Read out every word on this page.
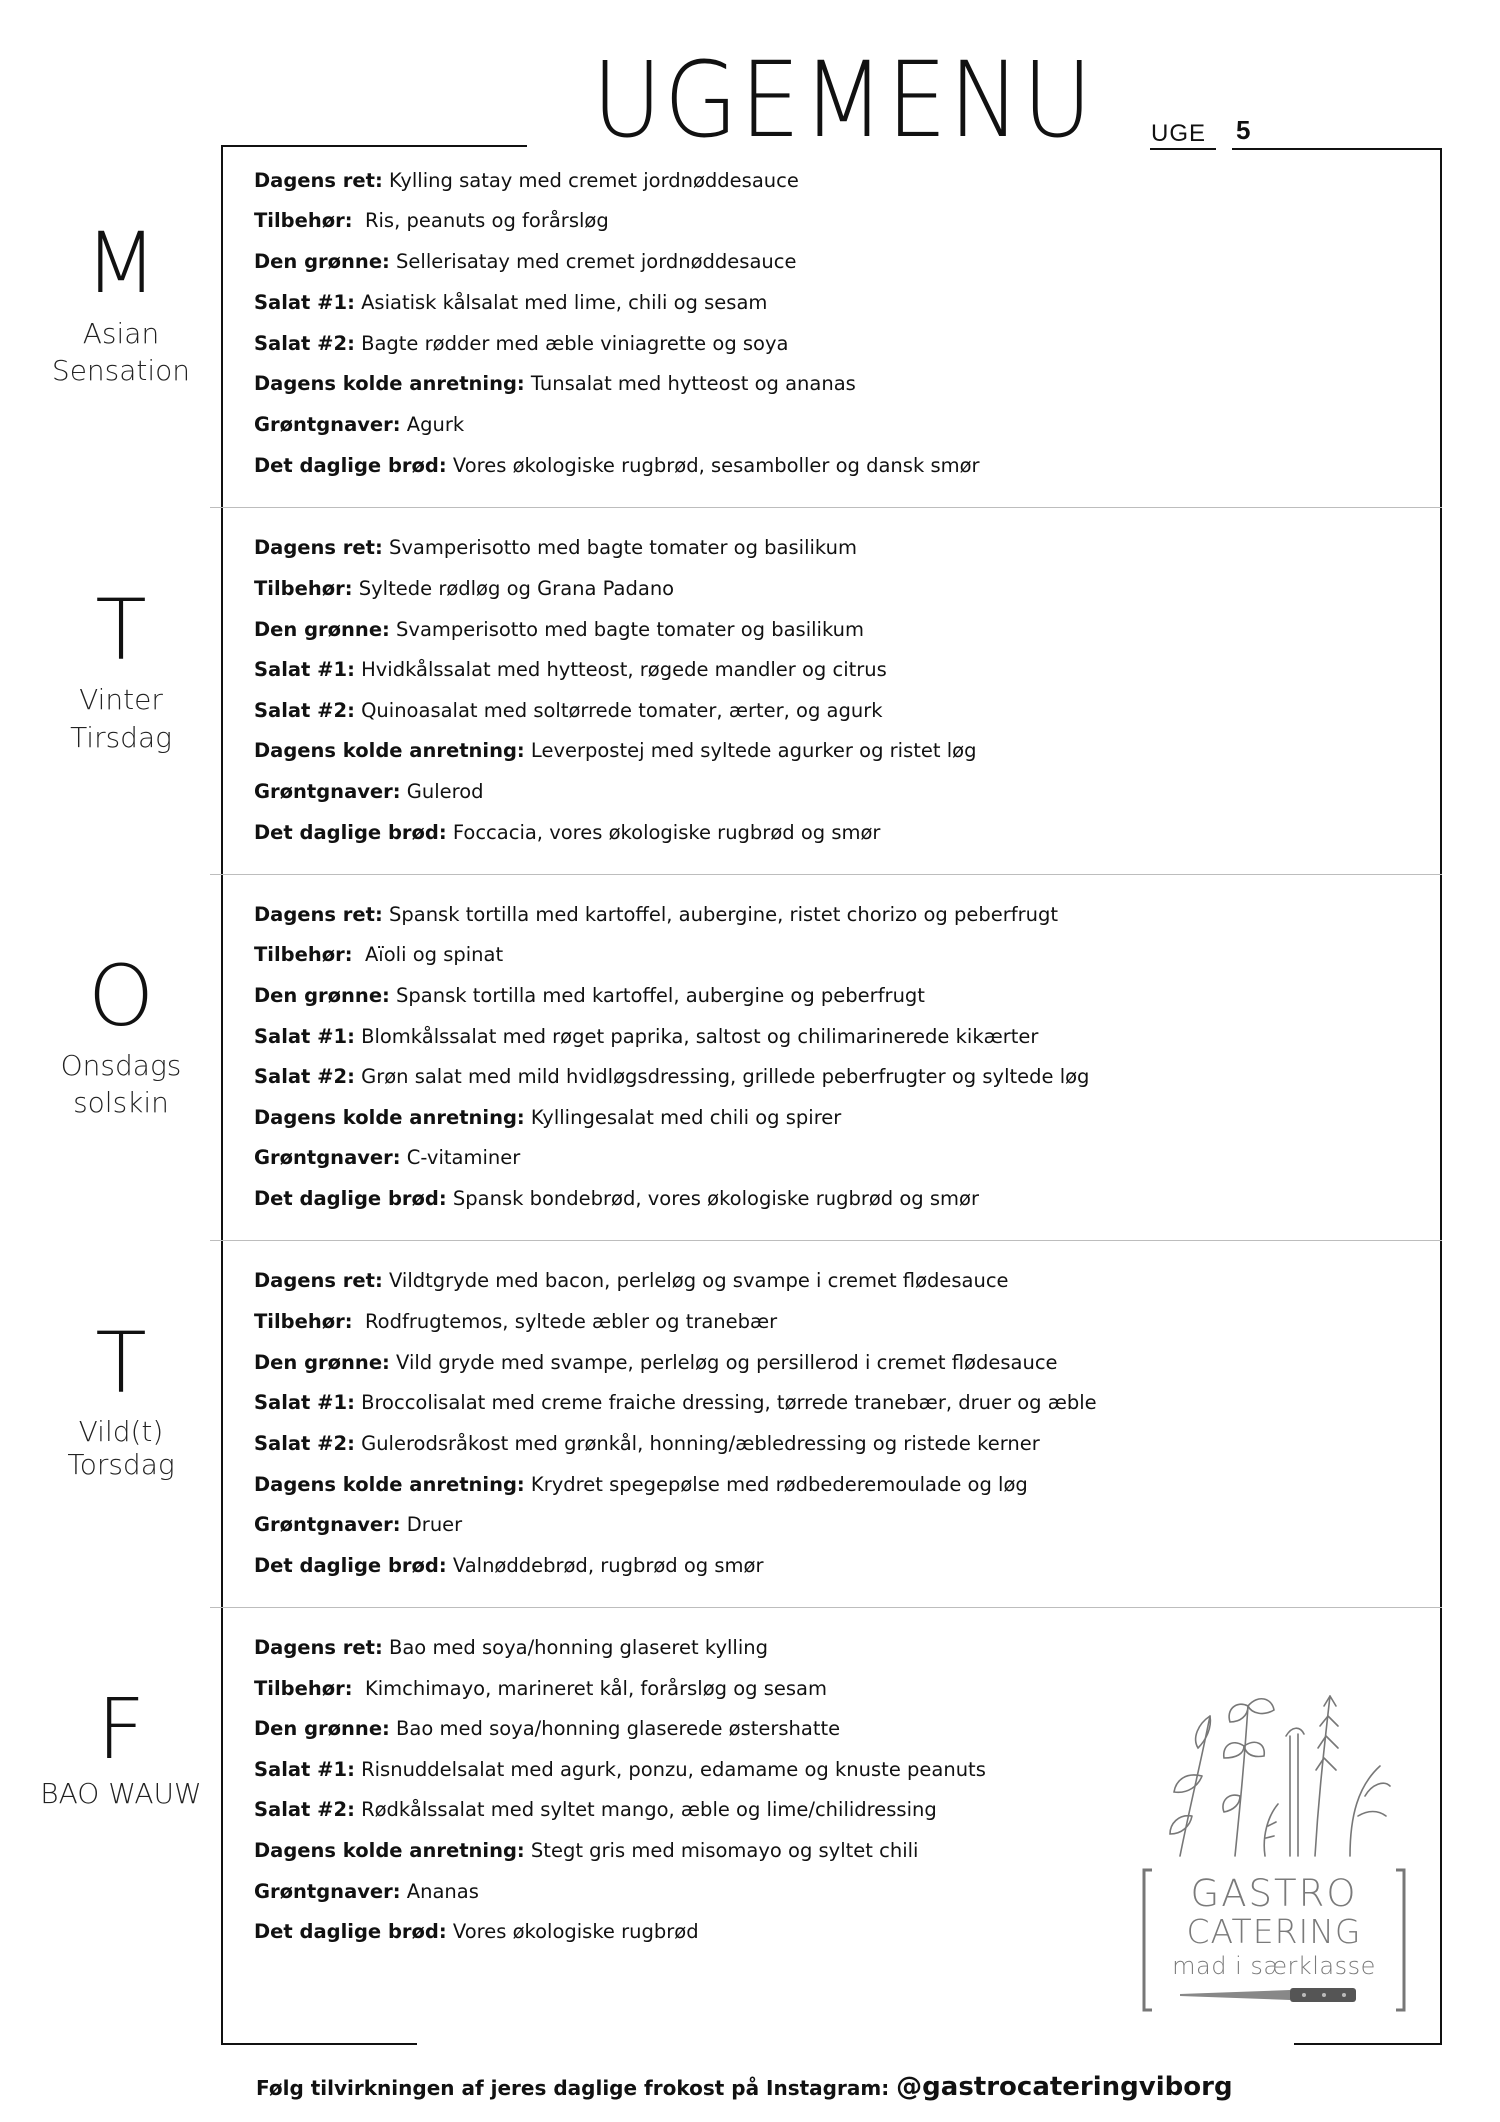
UGEMENU UGE 5
M
Asian
Sensation
Dagens ret: Kylling satay med cremet jordnøddesauce
Tilbehør: Ris, peanuts og forårsløg
Den grønne: Sellerisatay med cremet jordnøddesauce
Salat #1: Asiatisk kålsalat med lime, chili og sesam
Salat #2: Bagte rødder med æble viniagrette og soya
Dagens kolde anretning: Tunsalat med hytteost og ananas
Grøntgnaver: Agurk
Det daglige brød: Vores økologiske rugbrød, sesamboller og dansk smør
T
Vinter
Tirsdag
Dagens ret: Svamperisotto med bagte tomater og basilikum
Tilbehør: Syltede rødløg og Grana Padano
Den grønne: Svamperisotto med bagte tomater og basilikum
Salat #1: Hvidkålssalat med hytteost, røgede mandler og citrus
Salat #2: Quinoasalat med soltørrede tomater, ærter, og agurk
Dagens kolde anretning: Leverpostej med syltede agurker og ristet løg
Grøntgnaver: Gulerod
Det daglige brød: Foccacia, vores økologiske rugbrød og smør
O
Onsdags
solskin
Dagens ret: Spansk tortilla med kartoffel, aubergine, ristet chorizo og peberfrugt
Tilbehør: Aïoli og spinat
Den grønne: Spansk tortilla med kartoffel, aubergine og peberfrugt
Salat #1: Blomkålssalat med røget paprika, saltost og chilimarinerede kikærter
Salat #2: Grøn salat med mild hvidløgsdressing, grillede peberfrugter og syltede løg
Dagens kolde anretning: Kyllingesalat med chili og spirer
Grøntgnaver: C-vitaminer
Det daglige brød: Spansk bondebrød, vores økologiske rugbrød og smør
T
Vild(t)
Torsdag
Dagens ret: Vildtgryde med bacon, perleløg og svampe i cremet flødesauce
Tilbehør: Rodfrugtemos, syltede æbler og tranebær
Den grønne: Vild gryde med svampe, perleløg og persillerod i cremet flødesauce
Salat #1: Broccolisalat med creme fraiche dressing, tørrede tranebær, druer og æble
Salat #2: Gulerodsråkost med grønkål, honning/æbledressing og ristede kerner
Dagens kolde anretning: Krydret spegepølse med rødbederemoulade og løg
Grøntgnaver: Druer
Det daglige brød: Valnøddebrød, rugbrød og smør
F
BAO WAUW
Dagens ret: Bao med soya/honning glaseret kylling
Tilbehør: Kimchimayo, marineret kål, forårsløg og sesam
Den grønne: Bao med soya/honning glaserede østershatte
Salat #1: Risnuddelsalat med agurk, ponzu, edamame og knuste peanuts
Salat #2: Rødkålssalat med syltet mango, æble og lime/chilidressing
Dagens kolde anretning: Stegt gris med misomayo og syltet chili
Grøntgnaver: Ananas
Det daglige brød: Vores økologiske rugbrød
GASTRO
CATERING
mad i særklasse
Følg tilvirkningen af jeres daglige frokost på Instagram: @gastrocateringviborg
